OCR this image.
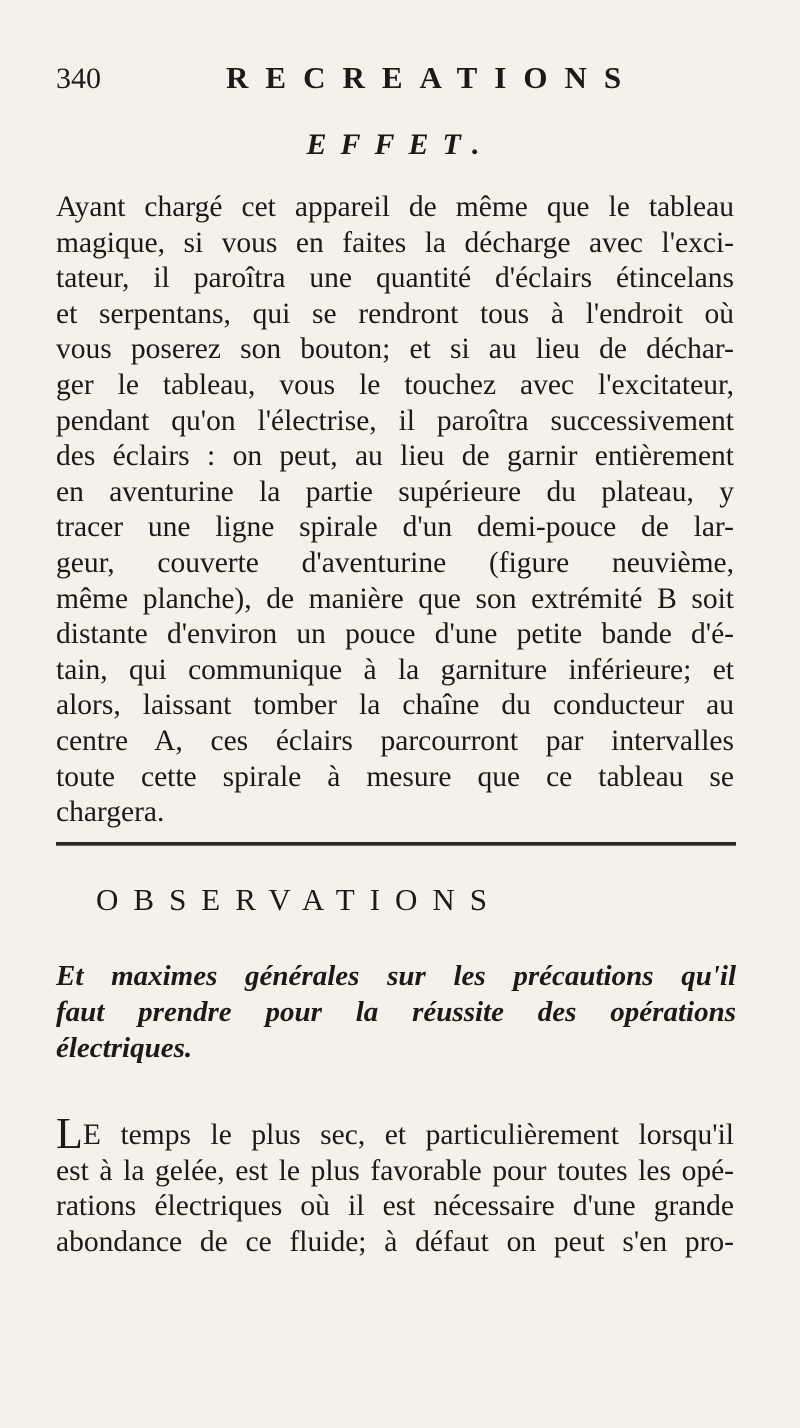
340	RECREATIONS
EFFET.

Ayant chargé cet appareil de même que le tableau
magique, si vous en faites la décharge avec l'exci-
tateur, il paroîtra une quantité d'éclairs étincelans
et serpentans, qui se rendront tous à l'endroit où
vous poserez son bouton; et si au lieu de déchar-
ger le tableau, vous le touchez avec l'excitateur,
pendant qu'on l'électrise, il paroîtra successivement
des éclairs : on peut, au lieu de garnir entièrement
en aventurine la partie supérieure du plateau, y
tracer une ligne spirale d'un demi-pouce de lar-
geur, couverte d'aventurine (figure neuvième,
même planche), de manière que son extrémité B soit
distante d'environ un pouce d'une petite bande d'é-
tain, qui communique à la garniture inférieure; et
alors, laissant tomber la chaîne du conducteur au
centre A, ces éclairs parcourront par intervalles
toute cette spirale à mesure que ce tableau se
chargera.

OBSERVATIONS

Et maximes générales sur les précautions qu'il
faut prendre pour la réussite des opérations
électriques.

LE temps le plus sec, et particulièrement lorsqu'il
est à la gelée, est le plus favorable pour toutes les opé-
rations électriques où il est nécessaire d'une grande
abondance de ce fluide; à défaut on peut s'en pro-
